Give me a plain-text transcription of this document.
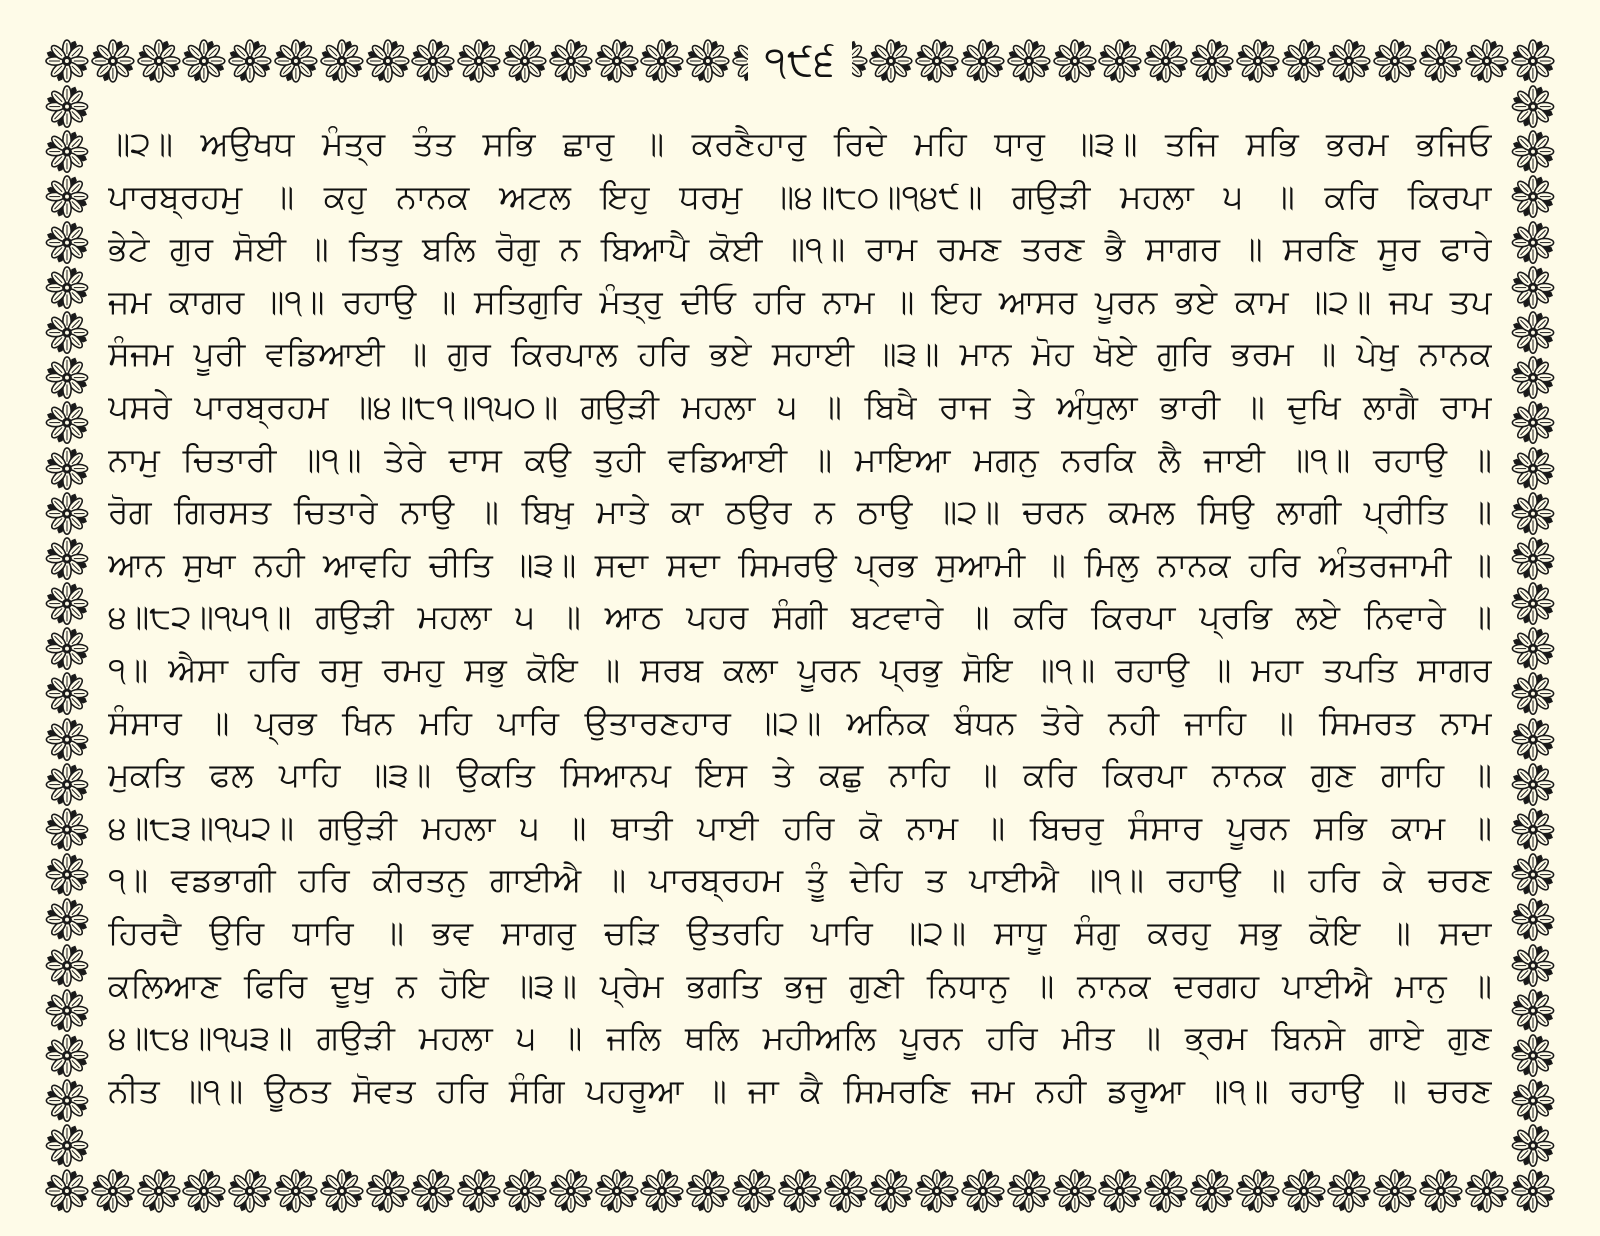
੧੯੬
॥੨॥ ਅਉਖਧ ਮੰਤ੍ਰ ਤੰਤ ਸਭਿ ਛਾਰੁ ॥ ਕਰਣੈਹਾਰੁ ਰਿਦੇ ਮਹਿ ਧਾਰੁ ॥੩॥ ਤਜਿ ਸਭਿ ਭਰਮ ਭਜਿਓ
ਪਾਰਬ੍ਰਹਮੁ ॥ ਕਹੁ ਨਾਨਕ ਅਟਲ ਇਹੁ ਧਰਮੁ ॥੪॥੮੦॥੧੪੯॥ ਗਉੜੀ ਮਹਲਾ ੫ ॥ ਕਰਿ ਕਿਰਪਾ
ਭੇਟੇ ਗੁਰ ਸੋਈ ॥ ਤਿਤੁ ਬਲਿ ਰੋਗੁ ਨ ਬਿਆਪੈ ਕੋਈ ॥੧॥ ਰਾਮ ਰਮਣ ਤਰਣ ਭੈ ਸਾਗਰ ॥ ਸਰਣਿ ਸੂਰ ਫਾਰੇ
ਜਮ ਕਾਗਰ ॥੧॥ ਰਹਾਉ ॥ ਸਤਿਗੁਰਿ ਮੰਤ੍ਰੁ ਦੀਓ ਹਰਿ ਨਾਮ ॥ ਇਹ ਆਸਰ ਪੂਰਨ ਭਏ ਕਾਮ ॥੨॥ ਜਪ ਤਪ
ਸੰਜਮ ਪੂਰੀ ਵਡਿਆਈ ॥ ਗੁਰ ਕਿਰਪਾਲ ਹਰਿ ਭਏ ਸਹਾਈ ॥੩॥ ਮਾਨ ਮੋਹ ਖੋਏ ਗੁਰਿ ਭਰਮ ॥ ਪੇਖੁ ਨਾਨਕ
ਪਸਰੇ ਪਾਰਬ੍ਰਹਮ ॥੪॥੮੧॥੧੫੦॥ ਗਉੜੀ ਮਹਲਾ ੫ ॥ ਬਿਖੈ ਰਾਜ ਤੇ ਅੰਧੁਲਾ ਭਾਰੀ ॥ ਦੁਖਿ ਲਾਗੈ ਰਾਮ
ਨਾਮੁ ਚਿਤਾਰੀ ॥੧॥ ਤੇਰੇ ਦਾਸ ਕਉ ਤੁਹੀ ਵਡਿਆਈ ॥ ਮਾਇਆ ਮਗਨੁ ਨਰਕਿ ਲੈ ਜਾਈ ॥੧॥ ਰਹਾਉ ॥
ਰੋਗ ਗਿਰਸਤ ਚਿਤਾਰੇ ਨਾਉ ॥ ਬਿਖੁ ਮਾਤੇ ਕਾ ਠਉਰ ਨ ਠਾਉ ॥੨॥ ਚਰਨ ਕਮਲ ਸਿਉ ਲਾਗੀ ਪ੍ਰੀਤਿ ॥
ਆਨ ਸੁਖਾ ਨਹੀ ਆਵਹਿ ਚੀਤਿ ॥੩॥ ਸਦਾ ਸਦਾ ਸਿਮਰਉ ਪ੍ਰਭ ਸੁਆਮੀ ॥ ਮਿਲੁ ਨਾਨਕ ਹਰਿ ਅੰਤਰਜਾਮੀ ॥
੪॥੮੨॥੧੫੧॥ ਗਉੜੀ ਮਹਲਾ ੫ ॥ ਆਠ ਪਹਰ ਸੰਗੀ ਬਟਵਾਰੇ ॥ ਕਰਿ ਕਿਰਪਾ ਪ੍ਰਭਿ ਲਏ ਨਿਵਾਰੇ ॥
੧॥ ਐਸਾ ਹਰਿ ਰਸੁ ਰਮਹੁ ਸਭੁ ਕੋਇ ॥ ਸਰਬ ਕਲਾ ਪੂਰਨ ਪ੍ਰਭੁ ਸੋਇ ॥੧॥ ਰਹਾਉ ॥ ਮਹਾ ਤਪਤਿ ਸਾਗਰ
ਸੰਸਾਰ ॥ ਪ੍ਰਭ ਖਿਨ ਮਹਿ ਪਾਰਿ ਉਤਾਰਣਹਾਰ ॥੨॥ ਅਨਿਕ ਬੰਧਨ ਤੋਰੇ ਨਹੀ ਜਾਹਿ ॥ ਸਿਮਰਤ ਨਾਮ
ਮੁਕਤਿ ਫਲ ਪਾਹਿ ॥੩॥ ਉਕਤਿ ਸਿਆਨਪ ਇਸ ਤੇ ਕਛੁ ਨਾਹਿ ॥ ਕਰਿ ਕਿਰਪਾ ਨਾਨਕ ਗੁਣ ਗਾਹਿ ॥
੪॥੮੩॥੧੫੨॥ ਗਉੜੀ ਮਹਲਾ ੫ ॥ ਥਾਤੀ ਪਾਈ ਹਰਿ ਕੋ ਨਾਮ ॥ ਬਿਚਰੁ ਸੰਸਾਰ ਪੂਰਨ ਸਭਿ ਕਾਮ ॥
੧॥ ਵਡਭਾਗੀ ਹਰਿ ਕੀਰਤਨੁ ਗਾਈਐ ॥ ਪਾਰਬ੍ਰਹਮ ਤੂੰ ਦੇਹਿ ਤ ਪਾਈਐ ॥੧॥ ਰਹਾਉ ॥ ਹਰਿ ਕੇ ਚਰਣ
ਹਿਰਦੈ ਉਰਿ ਧਾਰਿ ॥ ਭਵ ਸਾਗਰੁ ਚੜਿ ਉਤਰਹਿ ਪਾਰਿ ॥੨॥ ਸਾਧੂ ਸੰਗੁ ਕਰਹੁ ਸਭੁ ਕੋਇ ॥ ਸਦਾ
ਕਲਿਆਣ ਫਿਰਿ ਦੂਖੁ ਨ ਹੋਇ ॥੩॥ ਪ੍ਰੇਮ ਭਗਤਿ ਭਜੁ ਗੁਣੀ ਨਿਧਾਨੁ ॥ ਨਾਨਕ ਦਰਗਹ ਪਾਈਐ ਮਾਨੁ ॥
੪॥੮੪॥੧੫੩॥ ਗਉੜੀ ਮਹਲਾ ੫ ॥ ਜਲਿ ਥਲਿ ਮਹੀਅਲਿ ਪੂਰਨ ਹਰਿ ਮੀਤ ॥ ਭ੍ਰਮ ਬਿਨਸੇ ਗਾਏ ਗੁਣ
ਨੀਤ ॥੧॥ ਊਠਤ ਸੋਵਤ ਹਰਿ ਸੰਗਿ ਪਹਰੂਆ ॥ ਜਾ ਕੈ ਸਿਮਰਣਿ ਜਮ ਨਹੀ ਡਰੂਆ ॥੧॥ ਰਹਾਉ ॥ ਚਰਣ
